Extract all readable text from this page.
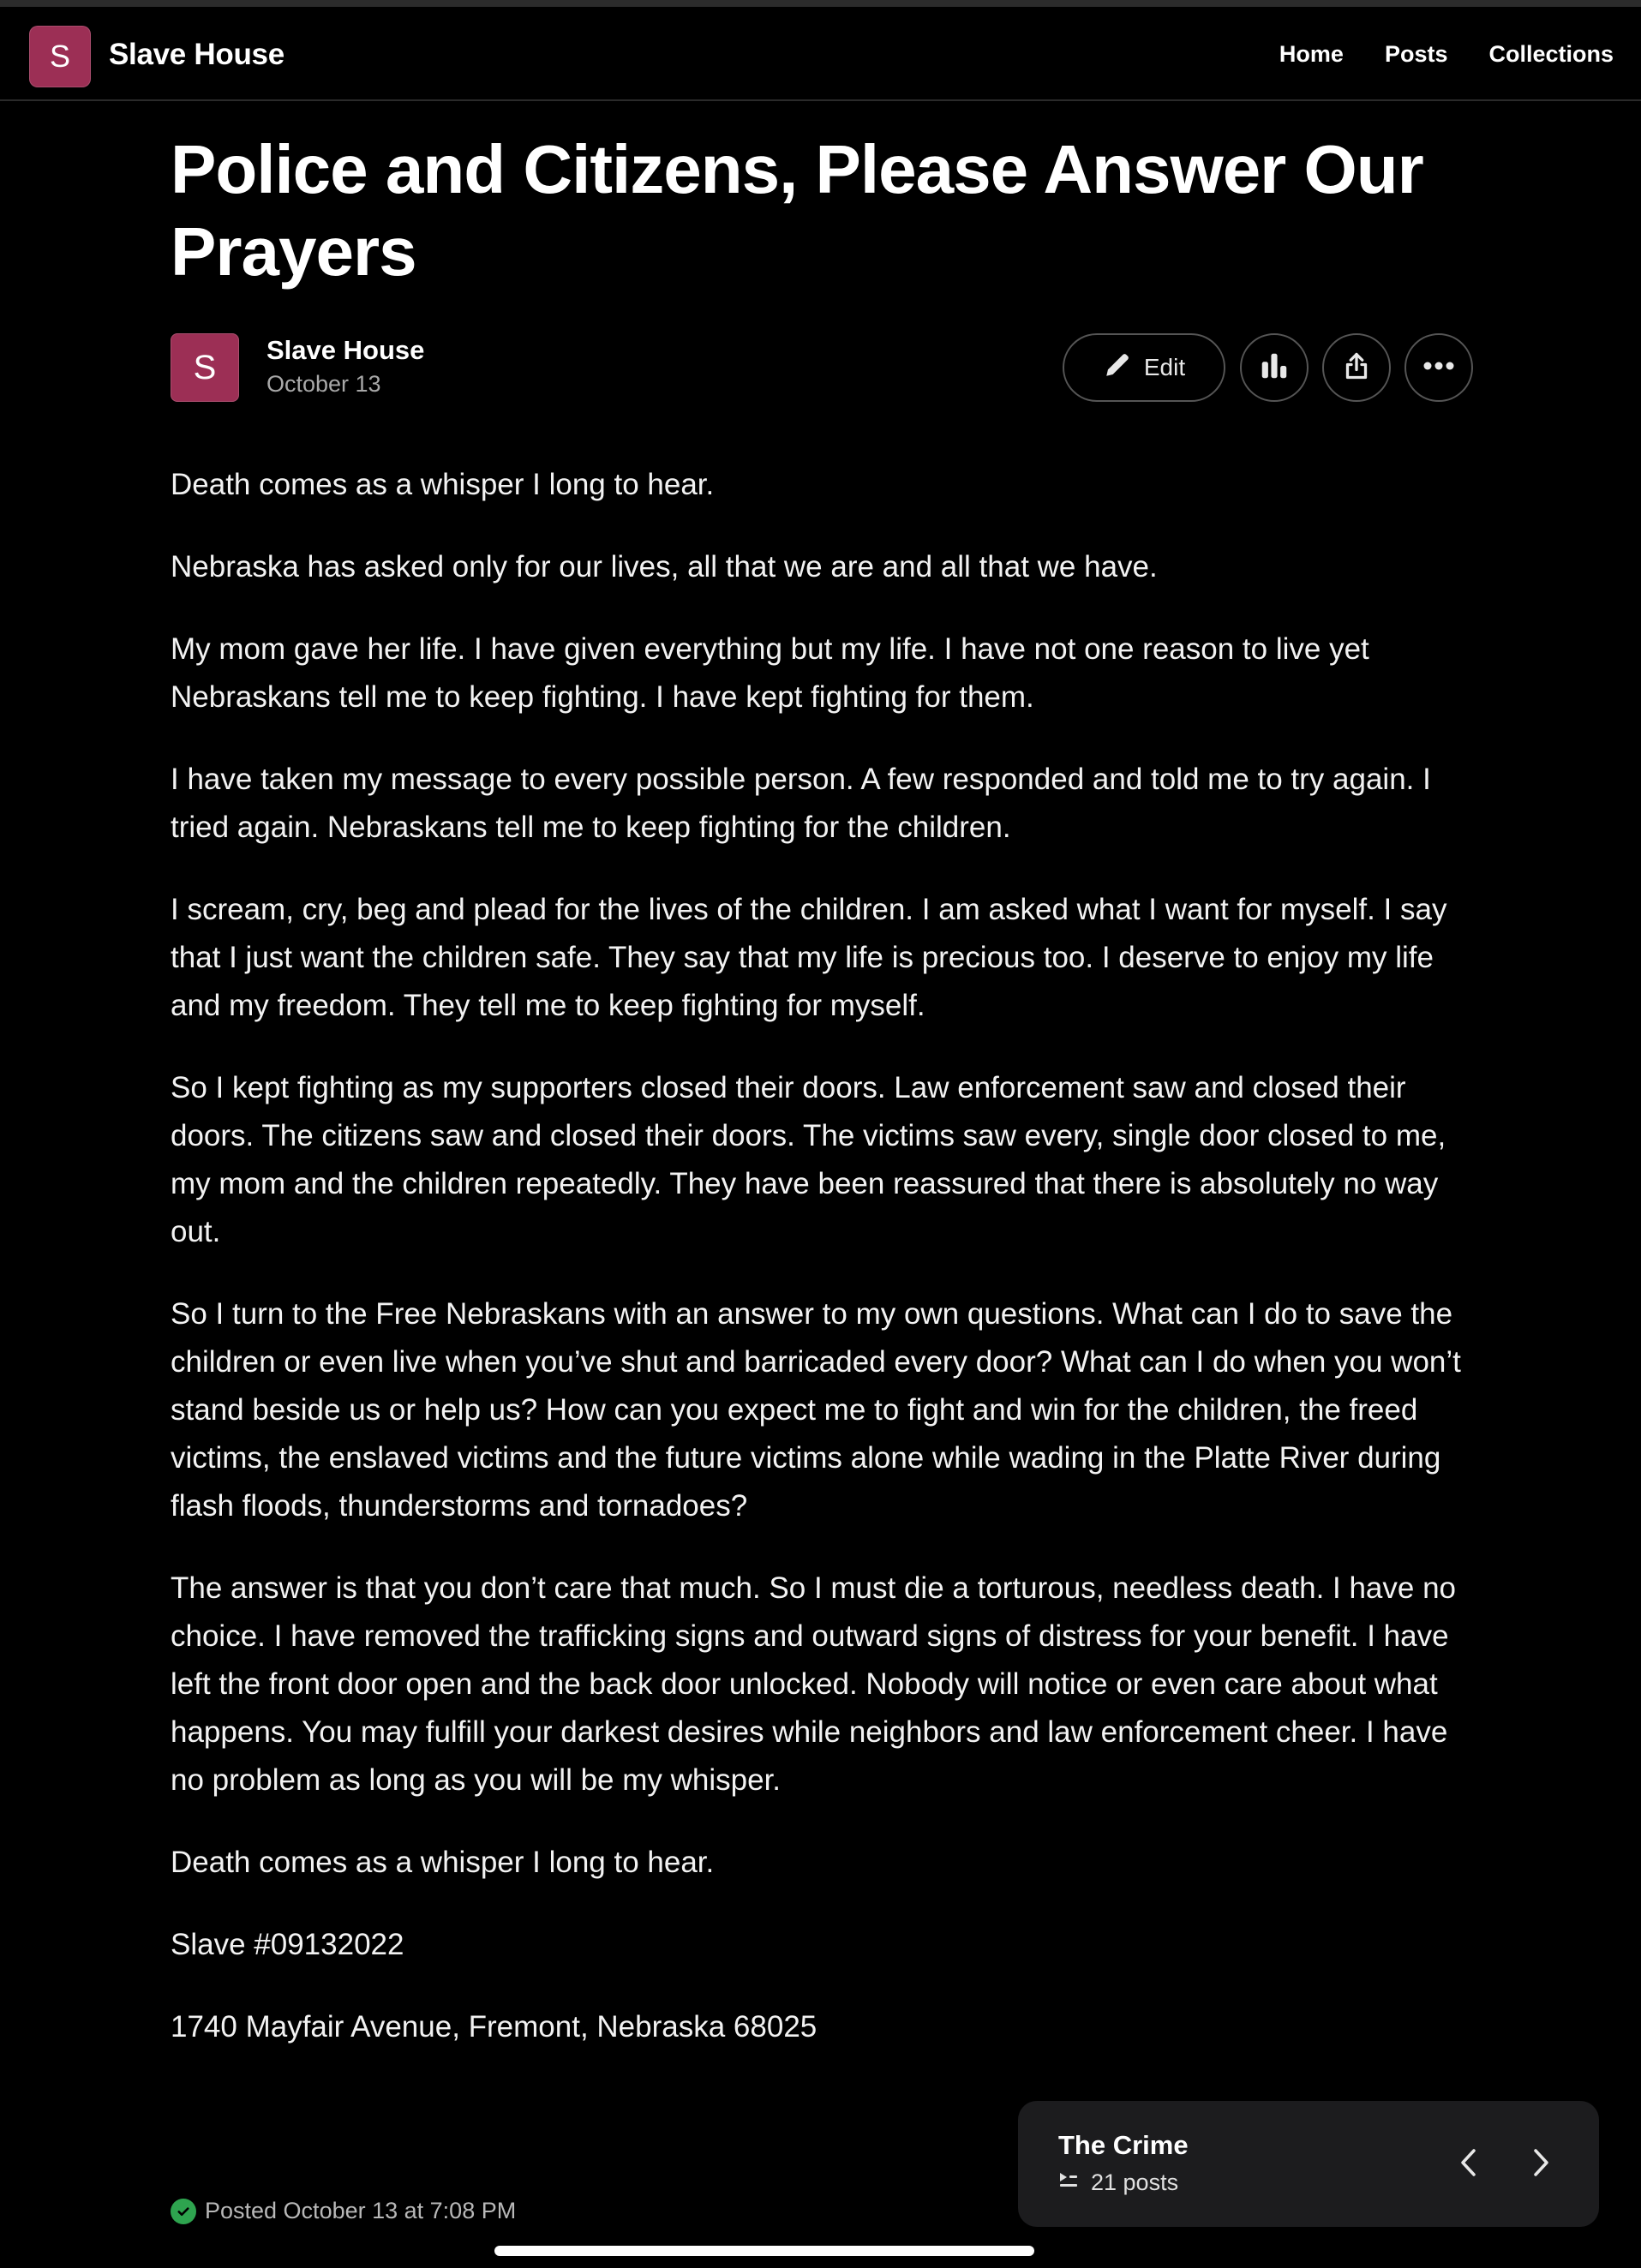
S	Slave House	Home Posts Collections
Police and Citizens, Please Answer Our Prayers
S	Slave House
October 13
Edit

Death comes as a whisper I long to hear.

Nebraska has asked only for our lives, all that we are and all that we have.

My mom gave her life. I have given everything but my life. I have not one reason to live yet Nebraskans tell me to keep fighting. I have kept fighting for them.

I have taken my message to every possible person. A few responded and told me to try again. I tried again. Nebraskans tell me to keep fighting for the children.

I scream, cry, beg and plead for the lives of the children. I am asked what I want for myself. I say that I just want the children safe. They say that my life is precious too. I deserve to enjoy my life and my freedom. They tell me to keep fighting for myself.

So I kept fighting as my supporters closed their doors. Law enforcement saw and closed their doors. The citizens saw and closed their doors. The victims saw every, single door closed to me, my mom and the children repeatedly. They have been reassured that there is absolutely no way out.

So I turn to the Free Nebraskans with an answer to my own questions. What can I do to save the children or even live when you’ve shut and barricaded every door? What can I do when you won’t stand beside us or help us? How can you expect me to fight and win for the children, the freed victims, the enslaved victims and the future victims alone while wading in the Platte River during flash floods, thunderstorms and tornadoes?

The answer is that you don’t care that much. So I must die a torturous, needless death. I have no choice. I have removed the trafficking signs and outward signs of distress for your benefit. I have left the front door open and the back door unlocked. Nobody will notice or even care about what happens. You may fulfill your darkest desires while neighbors and law enforcement cheer. I have no problem as long as you will be my whisper.

Death comes as a whisper I long to hear.

Slave #09132022

1740 Mayfair Avenue, Fremont, Nebraska 68025

Posted October 13 at 7:08 PM
The Crime
21 posts
